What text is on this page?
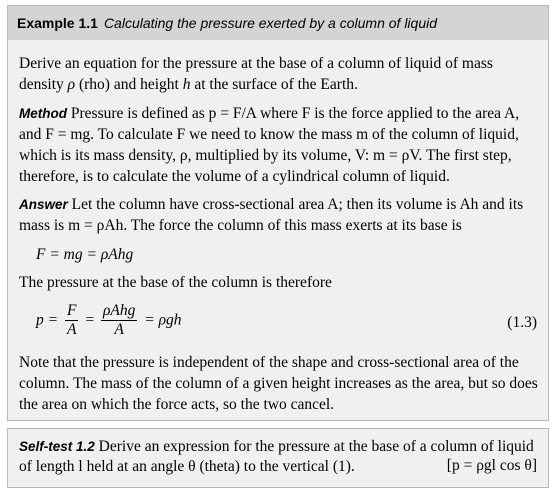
Example 1.1 Calculating the pressure exerted by a column of liquid
Derive an equation for the pressure at the base of a column of liquid of mass
density ρ (rho) and height h at the surface of the Earth.
Method Pressure is defined as p = F/A where F is the force applied to the area A,
and F = mg. To calculate F we need to know the mass m of the column of liquid,
which is its mass density, ρ, multiplied by its volume, V: m = ρV. The first step,
therefore, is to calculate the volume of a cylindrical column of liquid.
Answer Let the column have cross-sectional area A; then its volume is Ah and its
mass is m = ρAh. The force the column of this mass exerts at its base is
F = mg = ρAhg
The pressure at the base of the column is therefore
$p = \frac{F}{A} = \frac{\text{ρAhg}}{A} = \rho gh$	(1.3)
Note that the pressure is independent of the shape and cross-sectional area of the
column. The mass of the column of a given height increases as the area, but so does
the area on which the force acts, so the two cancel.
Self-test 1.2 Derive an expression for the pressure at the base of a column of liquid
of length l held at an angle θ (theta) to the vertical (1).	[p = ρgl cos θ]
